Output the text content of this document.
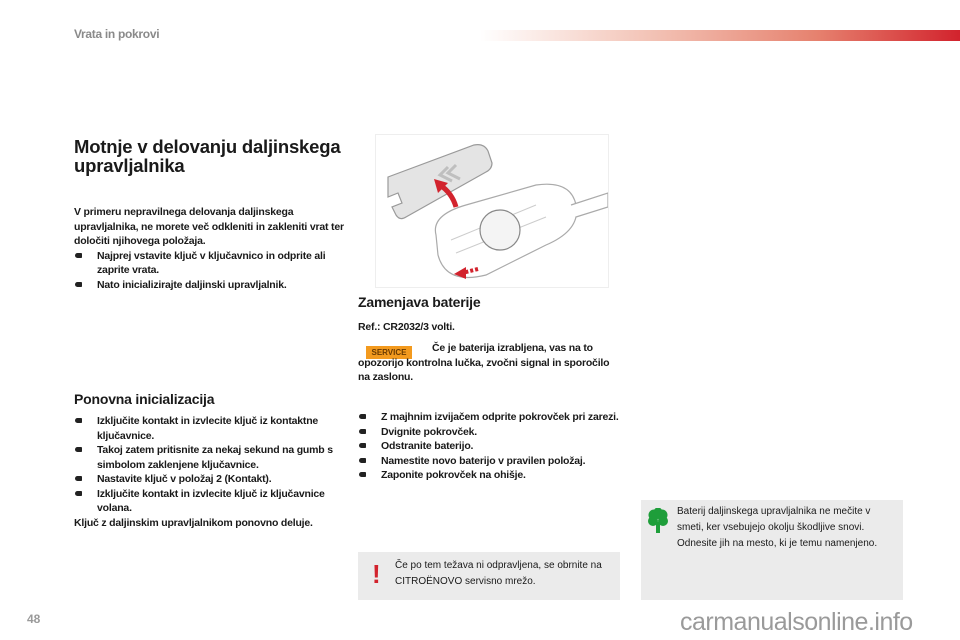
Vrata in pokrovi
Motnje v delovanju daljinskega upravljalnika
V primeru nepravilnega delovanja daljinskega upravljalnika, ne morete več odkleniti in zakleniti vrat ter določiti njihovega položaja.
Najprej vstavite ključ v ključavnico in odprite ali zaprite vrata.
Nato inicializirajte daljinski upravljalnik.
Ponovna inicializacija
Izključite kontakt in izvlecite ključ iz kontaktne ključavnice.
Takoj zatem pritisnite za nekaj sekund na gumb s simbolom zaklenjene ključavnice.
Nastavite ključ v položaj 2 (Kontakt).
Izključite kontakt in izvlecite ključ iz ključavnice volana.
Ključ z daljinskim upravljalnikom ponovno deluje.
Zamenjava baterije
Ref.: CR2032/3 volti.
SERVICE	Če je baterija izrabljena, vas na to opozorijo kontrolna lučka, zvočni signal in sporočilo na zaslonu.
Z majhnim izvijačem odprite pokrovček pri zarezi.
Dvignite pokrovček.
Odstranite baterijo.
Namestite novo baterijo v pravilen položaj.
Zaponite pokrovček na ohišje.
! Če po tem težava ni odpravljena, se obrnite na CITROËNOVO servisno mrežo.
Baterij daljinskega upravljalnika ne mečite v smeti, ker vsebujejo okolju škodljive snovi.
Odnesite jih na mesto, ki je temu namenjeno.
48	carmanualsonline.info
